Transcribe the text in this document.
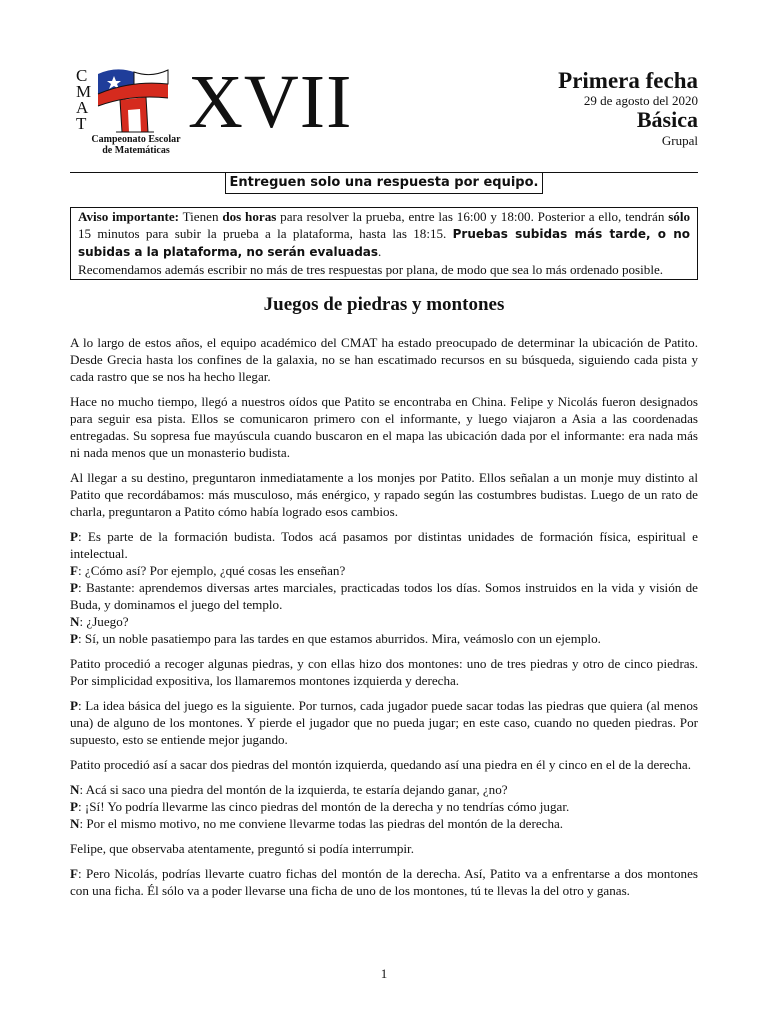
C
M
A
T
Campeonato Escolar
de Matemáticas
XVII	Primera fecha
29 de agosto del 2020
Básica
Grupal
Entreguen solo una respuesta por equipo.
Aviso importante: Tienen dos horas para resolver la prueba, entre las 16:00 y 18:00. Posterior a ello, tendrán sólo 15 minutos para subir la prueba a la plataforma, hasta las 18:15. Pruebas subidas más tarde, o no subidas a la plataforma, no serán evaluadas.
Recomendamos además escribir no más de tres respuestas por plana, de modo que sea lo más ordenado posible.
Juegos de piedras y montones

A lo largo de estos años, el equipo académico del CMAT ha estado preocupado de determinar la ubicación de Patito. Desde Grecia hasta los confines de la galaxia, no se han escatimado recursos en su búsqueda, siguiendo cada pista y cada rastro que se nos ha hecho llegar.

Hace no mucho tiempo, llegó a nuestros oídos que Patito se encontraba en China. Felipe y Nicolás fueron designados para seguir esa pista. Ellos se comunicaron primero con el informante, y luego viajaron a Asia a las coordenadas entregadas. Su sopresa fue mayúscula cuando buscaron en el mapa las ubicación dada por el informante: era nada más ni nada menos que un monasterio budista.

Al llegar a su destino, preguntaron inmediatamente a los monjes por Patito. Ellos señalan a un monje muy distinto al Patito que recordábamos: más musculoso, más enérgico, y rapado según las costumbres budistas. Luego de un rato de charla, preguntaron a Patito cómo había logrado esos cambios.

P: Es parte de la formación budista. Todos acá pasamos por distintas unidades de formación física, espiritual e intelectual.

F: ¿Cómo así? Por ejemplo, ¿qué cosas les enseñan?

P: Bastante: aprendemos diversas artes marciales, practicadas todos los días. Somos instruidos en la vida y visión de Buda, y dominamos el juego del templo.

N: ¿Juego?

P: Sí, un noble pasatiempo para las tardes en que estamos aburridos. Mira, veámoslo con un ejemplo.

Patito procedió a recoger algunas piedras, y con ellas hizo dos montones: uno de tres piedras y otro de cinco piedras. Por simplicidad expositiva, los llamaremos montones izquierda y derecha.

P: La idea básica del juego es la siguiente. Por turnos, cada jugador puede sacar todas las piedras que quiera (al menos una) de alguno de los montones. Y pierde el jugador que no pueda jugar; en este caso, cuando no queden piedras. Por supuesto, esto se entiende mejor jugando.

Patito procedió así a sacar dos piedras del montón izquierda, quedando así una piedra en él y cinco en el de la derecha.

N: Acá si saco una piedra del montón de la izquierda, te estaría dejando ganar, ¿no?

P: ¡Sí! Yo podría llevarme las cinco piedras del montón de la derecha y no tendrías cómo jugar.

N: Por el mismo motivo, no me conviene llevarme todas las piedras del montón de la derecha.

Felipe, que observaba atentamente, preguntó si podía interrumpir.

F: Pero Nicolás, podrías llevarte cuatro fichas del montón de la derecha. Así, Patito va a enfrentarse a dos montones con una ficha. Él sólo va a poder llevarse una ficha de uno de los montones, tú te llevas la del otro y ganas.

1
